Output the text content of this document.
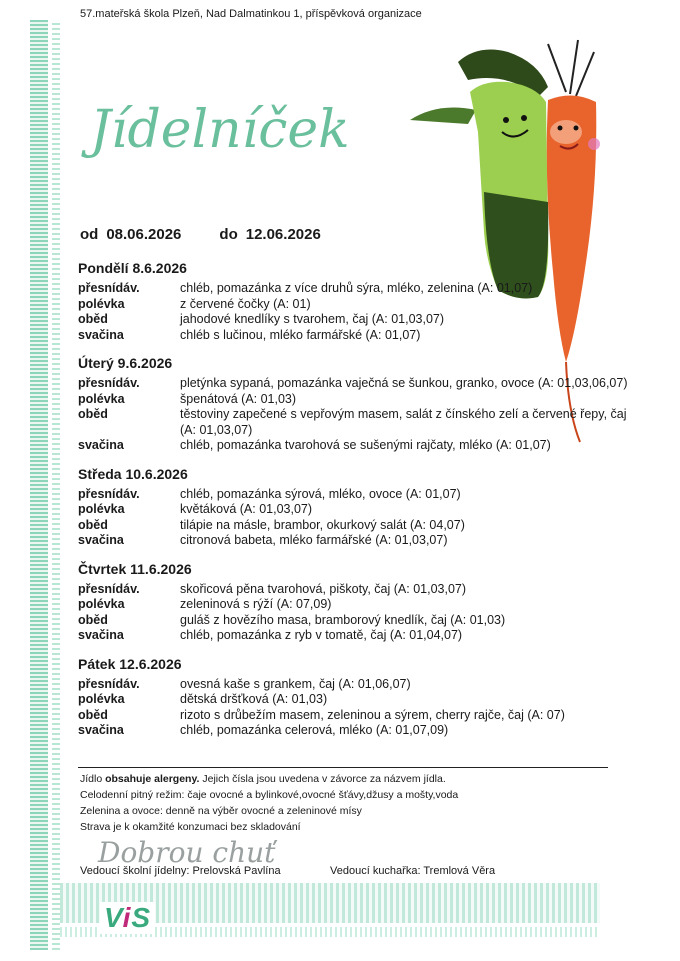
57.mateřská škola Plzeň, Nad Dalmatinkou 1, příspěvková organizace
Jídelníček
od 08.06.2026	do 12.06.2026
Pondělí 8.6.2026
přesnídáv.	chléb, pomazánka z více druhů sýra, mléko, zelenina (A: 01,07)
polévka	z červené čočky (A: 01)
oběd	jahodové knedlíky s tvarohem, čaj (A: 01,03,07)
svačina	chléb s lučinou, mléko farmářské (A: 01,07)
Úterý 9.6.2026
přesnídáv.	pletýnka sypaná, pomazánka vaječná se šunkou, granko, ovoce (A: 01,03,06,07)
polévka	špenátová (A: 01,03)
oběd	těstoviny zapečené s vepřovým masem, salát z čínského zelí a červené řepy, čaj (A: 01,03,07)
svačina	chléb, pomazánka tvarohová se sušenými rajčaty, mléko (A: 01,07)
Středa 10.6.2026
přesnídáv.	chléb, pomazánka sýrová, mléko, ovoce (A: 01,07)
polévka	květáková (A: 01,03,07)
oběd	tilápie na másle, brambor, okurkový salát (A: 04,07)
svačina	citronová babeta, mléko farmářské (A: 01,03,07)
Čtvrtek 11.6.2026
přesnídáv.	skořicová pěna tvarohová, piškoty, čaj (A: 01,03,07)
polévka	zeleninová s rýží (A: 07,09)
oběd	guláš z hovězího masa, bramborový knedlík, čaj (A: 01,03)
svačina	chléb, pomazánka z ryb v tomatě, čaj (A: 01,04,07)
Pátek 12.6.2026
přesnídáv.	ovesná kaše s grankem, čaj (A: 01,06,07)
polévka	dětská dršťková (A: 01,03)
oběd	rizoto s drůbežím masem, zeleninou a sýrem, cherry rajče, čaj (A: 07)
svačina	chléb, pomazánka celerová, mléko (A: 01,07,09)
Jídlo obsahuje alergeny. Jejich čísla jsou uvedena v závorce za názvem jídla.
Celodenní pitný režim: čaje ovocné a bylinkové,ovocné šťávy,džusy a mošty,voda
Zelenina a ovoce: denně na výběr ovocné a zeleninové mísy
Strava je k okamžité konzumaci bez skladování
Dobrou chuť
Vedoucí školní jídelny: Prelovská Pavlína	Vedoucí kuchařka: Tremlová Věra
ViS
